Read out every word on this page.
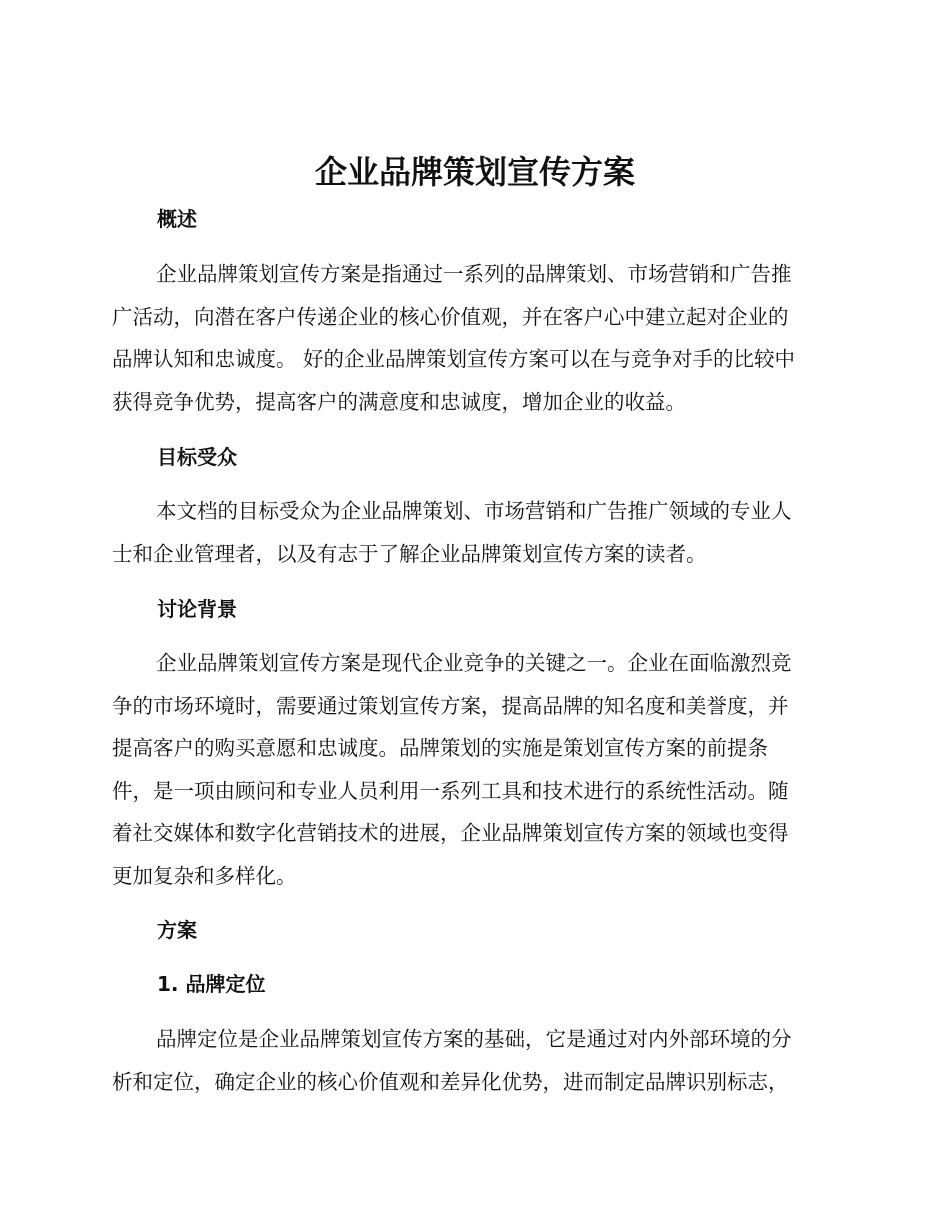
企业品牌策划宣传方案
概述

企业品牌策划宣传方案是指通过一系列的品牌策划、市场营销和广告推
广活动，向潜在客户传递企业的核心价值观，并在客户心中建立起对企业的
品牌认知和忠诚度。 好的企业品牌策划宣传方案可以在与竞争对手的比较中
获得竞争优势，提高客户的满意度和忠诚度，增加企业的收益。

目标受众

本文档的目标受众为企业品牌策划、市场营销和广告推广领域的专业人
士和企业管理者，以及有志于了解企业品牌策划宣传方案的读者。

讨论背景

企业品牌策划宣传方案是现代企业竞争的关键之一。企业在面临激烈竞
争的市场环境时，需要通过策划宣传方案，提高品牌的知名度和美誉度，并
提高客户的购买意愿和忠诚度。品牌策划的实施是策划宣传方案的前提条
件，是一项由顾问和专业人员利用一系列工具和技术进行的系统性活动。随
着社交媒体和数字化营销技术的进展，企业品牌策划宣传方案的领域也变得
更加复杂和多样化。

方案
1. 品牌定位

品牌定位是企业品牌策划宣传方案的基础，它是通过对内外部环境的分
析和定位，确定企业的核心价值观和差异化优势，进而制定品牌识别标志，
